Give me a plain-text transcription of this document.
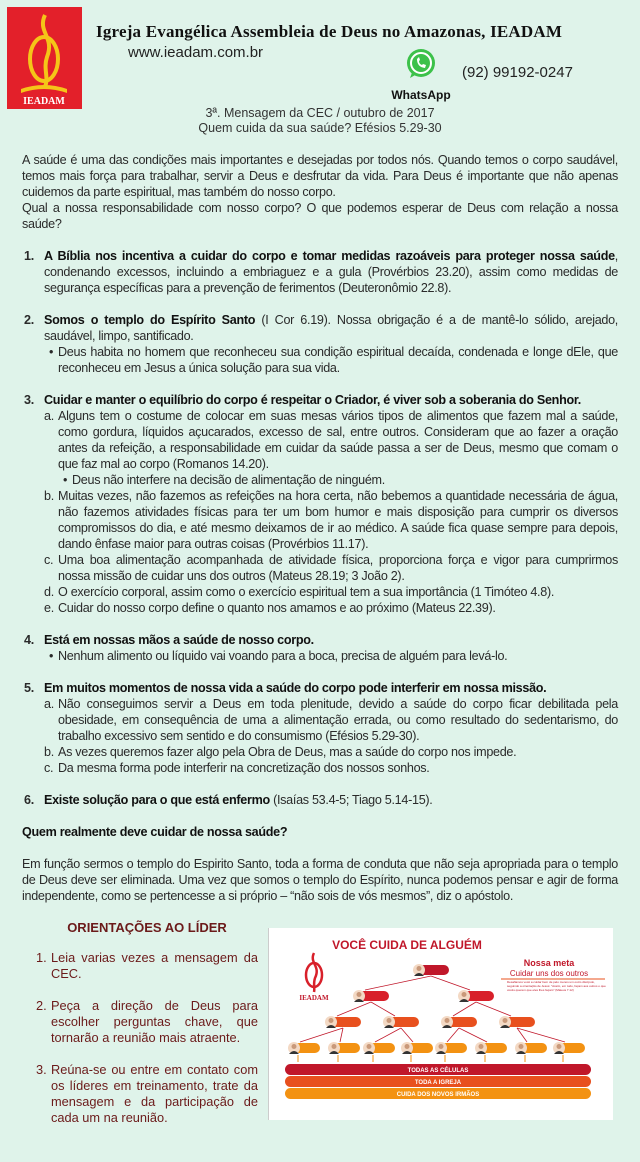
IEADAM
Igreja Evangélica Assembleia de Deus no Amazonas, IEADAM
www.ieadam.com.br
WhatsApp
(92) 99192-0247
3ª. Mensagem da CEC / outubro de 2017
Quem cuida da sua saúde? Efésios 5.29-30

A saúde é uma das condições mais importantes e desejadas por todos nós. Quando temos o corpo saudável, temos mais força para trabalhar, servir a Deus e desfrutar da vida. Para Deus é importante que não apenas cuidemos da parte espiritual, mas também do nosso corpo.

Qual a nossa responsabilidade com nosso corpo? O que podemos esperar de Deus com relação a nossa saúde?

1. A Bíblia nos incentiva a cuidar do corpo e tomar medidas razoáveis para proteger nossa saúde, condenando excessos, incluindo a embriaguez e a gula (Provérbios 23.20), assim como medidas de segurança específicas para a prevenção de ferimentos (Deuteronômio 22.8).

2. Somos o templo do Espírito Santo (I Cor 6.19). Nossa obrigação é a de mantê-lo sólido, arejado, saudável, limpo, santificado.

• Deus habita no homem que reconheceu sua condição espiritual decaída, condenada e longe dEle, que reconheceu em Jesus a única solução para sua vida.
3. Cuidar e manter o equilíbrio do corpo é respeitar o Criador, é viver sob a soberania do Senhor.

a. Alguns tem o costume de colocar em suas mesas vários tipos de alimentos que fazem mal a saúde, como gordura, líquidos açucarados, excesso de sal, entre outros. Consideram que ao fazer a oração antes da refeição, a responsabilidade em cuidar da saúde passa a ser de Deus, mesmo que comam o que faz mal ao corpo (Romanos 14.20).
• Deus não interfere na decisão de alimentação de ninguém.
b. Muitas vezes, não fazemos as refeições na hora certa, não bebemos a quantidade necessária de água, não fazemos atividades físicas para ter um bom humor e mais disposição para cumprir os diversos compromissos do dia, e até mesmo deixamos de ir ao médico. A saúde fica quase sempre para depois, dando ênfase maior para outras coisas (Provérbios 11.17).
c. Uma boa alimentação acompanhada de atividade física, proporciona força e vigor para cumprirmos nossa missão de cuidar uns dos outros (Mateus 28.19; 3 João 2).
d. O exercício corporal, assim como o exercício espiritual tem a sua importância (1 Timóteo 4.8).
e. Cuidar do nosso corpo define o quanto nos amamos e ao próximo (Mateus 22.39).
4. Está em nossas mãos a saúde de nosso corpo.

• Nenhum alimento ou líquido vai voando para a boca, precisa de alguém para levá-lo.
5. Em muitos momentos de nossa vida a saúde do corpo pode interferir em nossa missão.

a. Não conseguimos servir a Deus em toda plenitude, devido a saúde do corpo ficar debilitada pela obesidade, em consequência de uma a alimentação errada, ou como resultado do sedentarismo, do trabalho excessivo sem sentido e do consumismo (Efésios 5.29-30).
b. As vezes queremos fazer algo pela Obra de Deus, mas a saúde do corpo nos impede.
c. Da mesma forma pode interferir na concretização dos nossos sonhos.
6. Existe solução para o que está enfermo (Isaías 53.4-5; Tiago 5.14-15).

Quem realmente deve cuidar de nossa saúde?

Em função sermos o templo do Espirito Santo, toda a forma de conduta que não seja apropriada para o templo de Deus deve ser eliminada. Uma vez que somos o templo do Espírito, nunca podemos pensar e agir de forma independente, como se pertencesse a si próprio – “não sois de vós mesmos”, diz o apóstolo.

ORIENTAÇÕES AO LÍDER
1. Leia varias vezes a mensagem da CEC.
2. Peça a direção de Deus para escolher perguntas chave, que tornarão a reunião mais atraente.
3. Reúna-se ou entre em contato com os líderes em treinamento, trate da mensagem e da participação de cada um na reunião.
VOCÊ CUIDA DE ALGUÉM
IEADAM
Nossa meta
Cuidar uns dos outros
Desafiamos você a cuidar bem de pelo menos um outro discípulo, seguindo a orientação de Jesus: "Assim, em tudo, façam aos outros o que vocês querem que eles lhes façam" (Mateus 7.12)
TODAS AS CÉLULAS
TODA A IGREJA
CUIDA DOS NOVOS IRMÃOS
